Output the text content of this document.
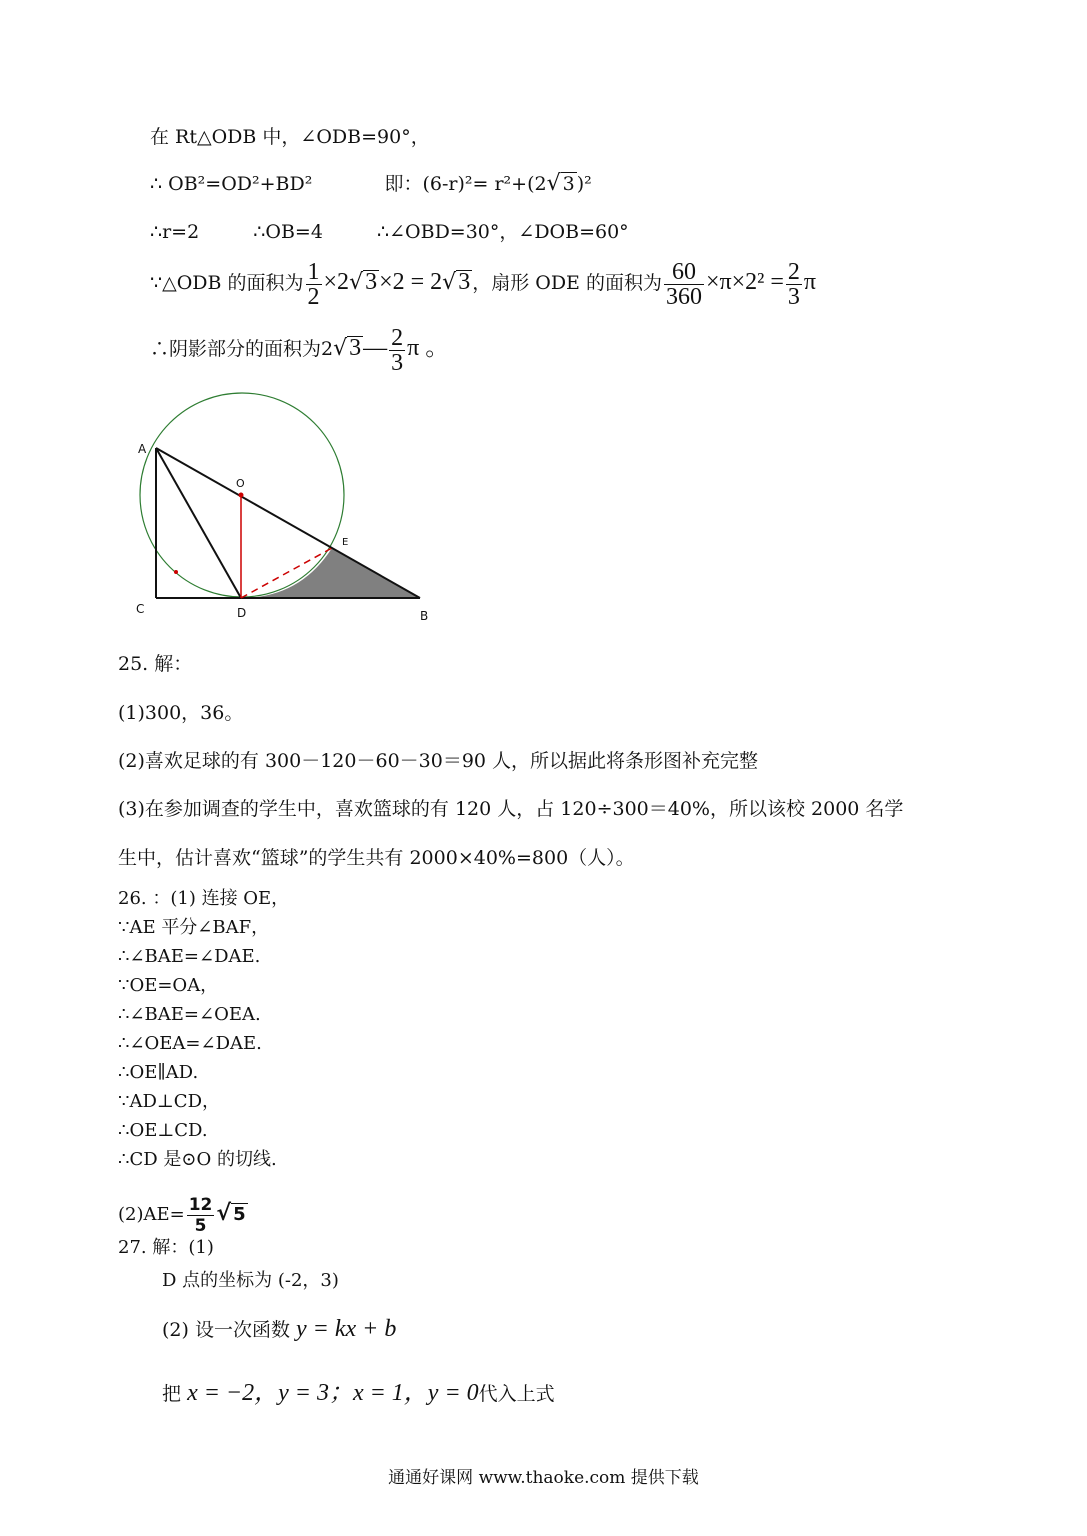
在 Rt△ODB 中，∠ODB=90°，
∴ OB²=OD²+BD²	即：(6-r)²= r²+(2√ 3 )²
∴r=2	∴OB=4	∴∠OBD=30°，∠DOB=60°
∵△ODB 的面积为 $\frac{1}{2} \times 2√3\times 2 = 2√3$ ，扇形 ODE 的面积为 $\frac{60}{360} \times\pi\times 2^2 = \frac{2}{3}$ π
∴阴影部分的面积为2√3— $\frac{2}{3}$ π 。
A
O
E
C	D	B
25. 解：
(1)300，36。
(2)喜欢足球的有 300－120－60－30＝90 人，所以据此将条形图补充完整
(3)在参加调查的学生中，喜欢篮球的有 120 人，占 120÷300＝40%，所以该校 2000 名学
生中，估计喜欢“篮球”的学生共有 2000×40%=800（人）。
26. ：(1) 连接 OE，
∵AE 平分∠BAF，
∴∠BAE=∠DAE.
∵OE=OA，
∴∠BAE=∠OEA.
∴∠OEA=∠DAE.
∴OE∥AD.
∵AD⊥CD，
∴OE⊥CD.
∴CD 是⊙O 的切线.
$(2)AE= \frac{12}{5}$ √ 5
27. 解：(1)
D 点的坐标为 (-2，3)
(2) 设一次函数 y = kx + b
把 x = −2，y = 3；x = 1，y = 0代入上式
通通好课网 www.thaoke.com 提供下载
